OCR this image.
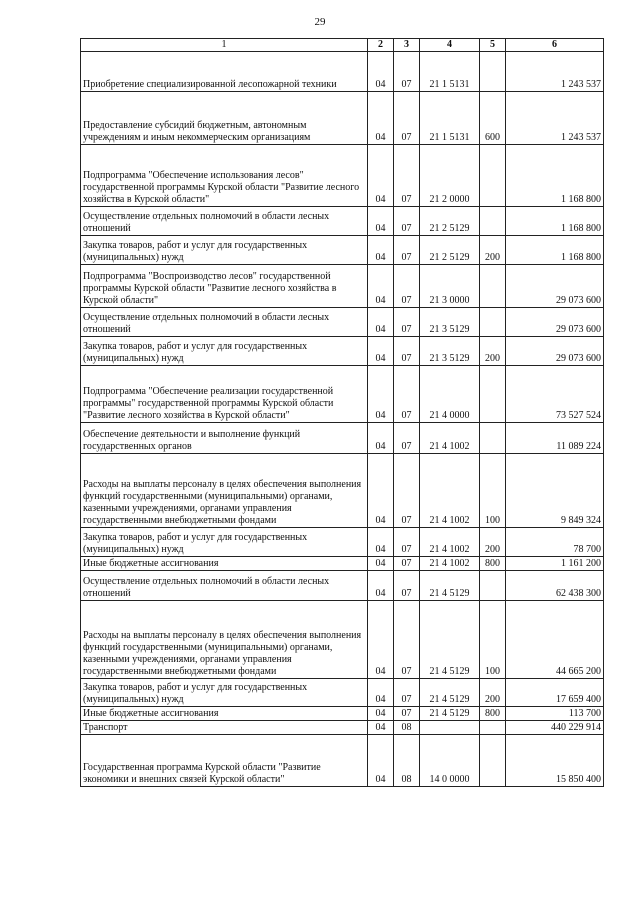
29
1	2	3	4	5	6
Приобретение специализированной лесопожарной техники	04	07	21 1 5131		1 243 537
Предоставление субсидий бюджетным, автономным учреждениям и иным некоммерческим организациям	04	07	21 1 5131	600	1 243 537
Подпрограмма "Обеспечение использования лесов" государственной программы Курской области "Развитие лесного хозяйства в Курской области"	04	07	21 2 0000		1 168 800
Осуществление отдельных полномочий в области лесных отношений	04	07	21 2 5129		1 168 800
Закупка товаров, работ и услуг для государственных (муниципальных) нужд	04	07	21 2 5129	200	1 168 800
Подпрограмма "Воспроизводство лесов" государственной программы Курской области "Развитие лесного хозяйства в Курской области"	04	07	21 3 0000		29 073 600
Осуществление отдельных полномочий в области лесных отношений	04	07	21 3 5129		29 073 600
Закупка товаров, работ и услуг для государственных (муниципальных) нужд	04	07	21 3 5129	200	29 073 600
Подпрограмма "Обеспечение реализации государственной программы" государственной программы Курской области "Развитие лесного хозяйства в Курской области"	04	07	21 4 0000		73 527 524
Обеспечение деятельности и выполнение функций государственных органов	04	07	21 4 1002		11 089 224
Расходы на выплаты персоналу в целях обеспечения выполнения функций государственными (муниципальными) органами, казенными учреждениями, органами управления государственными внебюджетными фондами	04	07	21 4 1002	100	9 849 324
Закупка товаров, работ и услуг для государственных (муниципальных) нужд	04	07	21 4 1002	200	78 700
Иные бюджетные ассигнования	04	07	21 4 1002	800	1 161 200
Осуществление отдельных полномочий в области лесных отношений	04	07	21 4 5129		62 438 300
Расходы на выплаты персоналу в целях обеспечения выполнения функций государственными (муниципальными) органами, казенными учреждениями, органами управления государственными внебюджетными фондами	04	07	21 4 5129	100	44 665 200
Закупка товаров, работ и услуг для государственных (муниципальных) нужд	04	07	21 4 5129	200	17 659 400
Иные бюджетные ассигнования	04	07	21 4 5129	800	113 700
Транспорт	04	08			440 229 914
Государственная программа Курской области "Развитие экономики и внешних связей Курской области"	04	08	14 0 0000		15 850 400
